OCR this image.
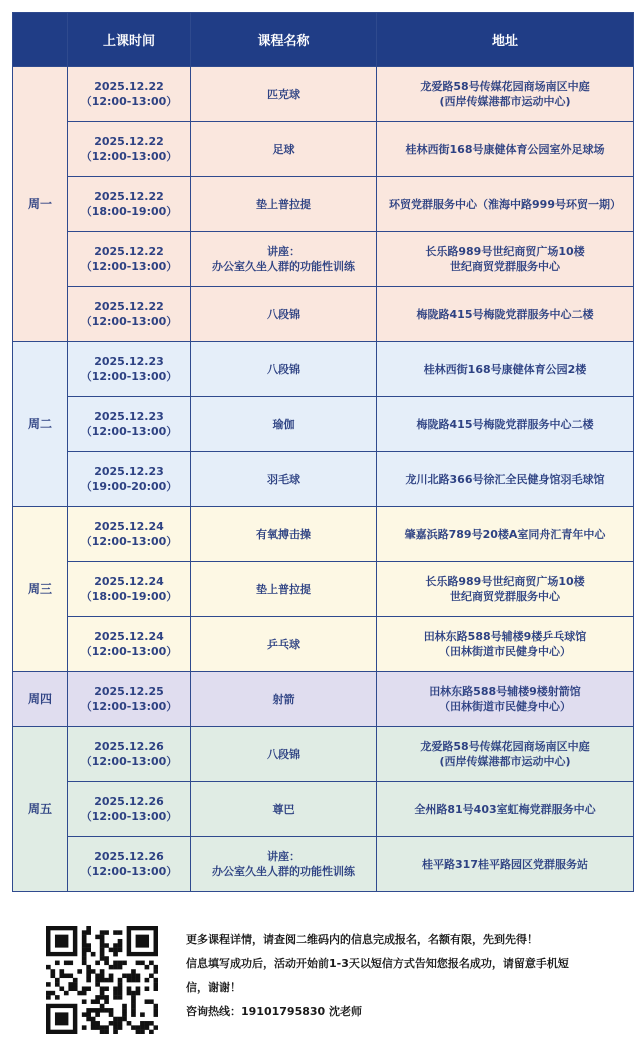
	上课时间	课程名称	地址
周一	2025.12.22
（12:00-13:00）	匹克球	龙爱路58号传媒花园商场南区中庭
(西岸传媒港都市运动中心)

	2025.12.22
（12:00-13:00）	足球	桂林西街168号康健体育公园室外足球场

	2025.12.22
（18:00-19:00）	垫上普拉提	环贸党群服务中心（淮海中路999号环贸一期）

	2025.12.22
（12:00-13:00）	讲座：
办公室久坐人群的功能性训练	长乐路989号世纪商贸广场10楼
世纪商贸党群服务中心

	2025.12.22
（12:00-13:00）	八段锦	梅陇路415号梅陇党群服务中心二楼

周二	2025.12.23
（12:00-13:00）	八段锦	桂林西街168号康健体育公园2楼

	2025.12.23
（12:00-13:00）	瑜伽	梅陇路415号梅陇党群服务中心二楼

	2025.12.23
（19:00-20:00）	羽毛球	龙川北路366号徐汇全民健身馆羽毛球馆

周三	2025.12.24
（12:00-13:00）	有氧搏击操	肇嘉浜路789号20楼A室同舟汇青年中心

	2025.12.24
（18:00-19:00）	垫上普拉提	长乐路989号世纪商贸广场10楼
世纪商贸党群服务中心

	2025.12.24
（12:00-13:00）	乒乓球	田林东路588号辅楼9楼乒乓球馆
（田林街道市民健身中心）

周四	2025.12.25
（12:00-13:00）	射箭	田林东路588号辅楼9楼射箭馆
（田林街道市民健身中心）

周五	2025.12.26
（12:00-13:00）	八段锦	龙爱路58号传媒花园商场南区中庭
(西岸传媒港都市运动中心)

	2025.12.26
（12:00-13:00）	尊巴	全州路81号403室虹梅党群服务中心

	2025.12.26
（12:00-13:00）	讲座：
办公室久坐人群的功能性训练	桂平路317桂平路园区党群服务站

更多课程详情，请查阅二维码内的信息完成报名，名额有限，先到先得！

信息填写成功后，活动开始前1-3天以短信方式告知您报名成功，请留意手机短

信，谢谢！

咨询热线：19101795830 沈老师
